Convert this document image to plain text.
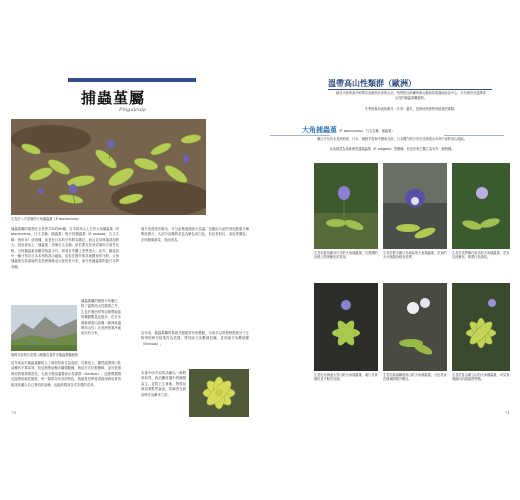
捕蟲堇屬
Pinguicula
生長於八方雲崗的大角捕蟲堇（P. macroceras）
捕蟲堇屬的植物在全世界共有約80種，日本的高山上生有大角捕蟲堇（P. macroceras，日文名稱：捕蟲堇）與分枝捕蟲堇（P. ramosa，日文名稱：庚申草）這兩種，前者在日本的分布較為廣泛，而且花朵與葉部均較大，因此被冠上「捕蟲堇」這個日文名稱。但若要在花形或葉形方面作比較，分枝捕蟲堇卻顯得相當小巧，兩者在外觀上差異很大。此外，雖說其中一種分布於日本本州的高山地區，但若在國外與其他國家作比較，大角捕蟲堇在原產地的北美洲與歐亞大陸皆有分布，而分枝捕蟲堇則是日本特有種。
捕蟲堇屬的植物分布廣泛，除了溫帶高山性類群之外，生長於墨西哥等亞熱帶地區的種類數量也很多，在日本與歐洲高山品種（歐洲產溫帶高山性）北美洲等寒冷地區亦有分布。
瑞典北部的石灰質山地棲息著許多捕蟲堇屬植物
近年來由於捕蟲堇屬的人工栽培技術日益成熟，在栽培上，雖然溫帶高山性品種仍不算容易，但亞熱帶品種多屬強健種，栽培方式比較簡單，並可依照栽培的環境與習性，大致分類為溫帶高山性類群（Section）、亞熱帶類群及溫帶低地性類群，每一類群各有各的特色，無論是初學者或資深栽培者皆能找到適合自己栽培的品種，也能欣賞到各式各樣的花朵。
葉片表面密布腺毛，可分泌黏液捕捉小昆蟲，並藉由分泌的消化酵素分解吸收養分。大部分品種的花色為紫色或白色，但也有粉紅、黃色等顏色，花形頗像堇菜，因而得名。
近年來，捕蟲堇屬的系統分類經常有所變動，目前多以形態特徵與分子生物學的研究結果作為依據，將其區分為數個亞屬，並再細分為數個節（Section）。
本書中所介紹的品種以一般較易取得、栽培難度適中的種類為主，並附上生育地、特徵及栽培要點等資訊，供讀者在栽培時作為參考之用。
70
溫帶高山性類群（歐洲）
歐亞大陸的寒冷地帶以及歐洲北部的山岳，特別是以阿爾卑斯山脈與其周邊地區為中心，分布著許多溫帶高山性的捕蟲堇屬植物。
冬季時會形成休眠芽（冬芽）越冬，是栽培時需特別留意的重點。
大角捕蟲堇（P. macroceras，日文名稱：捕蟲堇）
廣泛分布於北美洲西部、日本、朝鮮半島與中國東北部，日本國內則分布於北海道至本州中部的高山地區。
以前被認為是歐洲普通捕蟲堇（P. vulgaris）的變種，但近年來已獨立為另外一個物種。
生長於群馬縣谷川岳的大角捕蟲堇，於溼潤的岩壁上開著紫色的花朵。
生長於栃木縣日光地區的大角捕蟲堇，花朵的大小與顏色略有差異。
生長於長野縣白馬岳的大角捕蟲堇，花朵呈淡紫色，略帶白色斑紋。
生長於北海道大雪山的大角捕蟲堇，葉片呈黃綠色並平貼於岩面。
生長於新潟縣妙高山的大角捕蟲堇，白色花朵在綠葉間格外醒目。
生長於富山縣立山的大角捕蟲堇，可見其葉緣向內捲曲的特徵。
71
